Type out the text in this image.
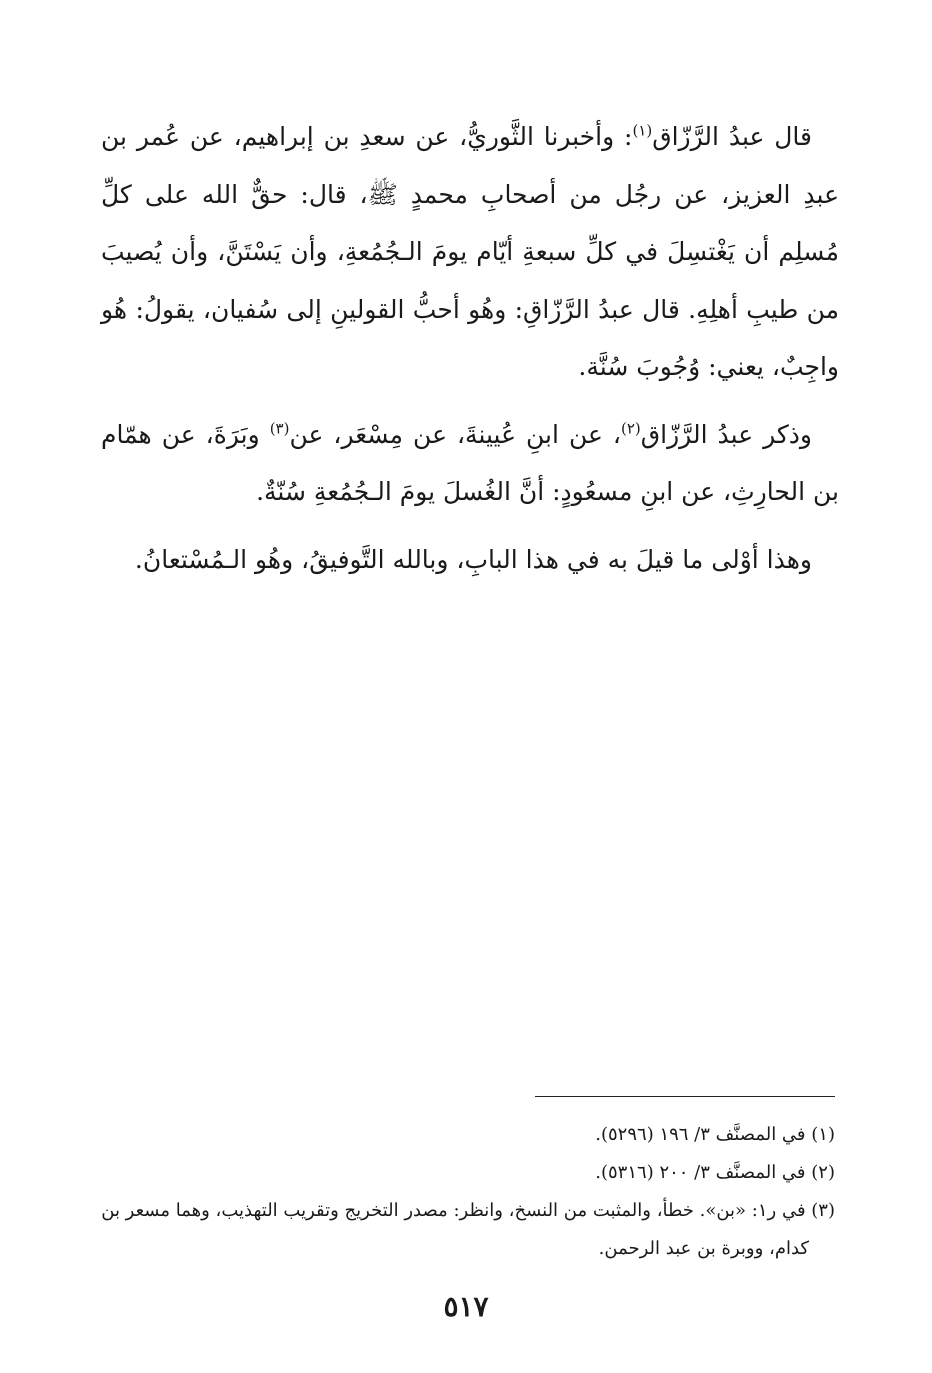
قال عبدُ الرَّزّاق$^{(١)}$: وأخبرنا الثَّوريُّ، عن سعدِ بن إبراهيم، عن عُمر بن عبدِ العزيز، عن رجُل من أصحابِ محمدٍ ﷺ، قال: حقٌّ الله على كلِّ مُسلِم أن يَغْتسِلَ في كلِّ سبعةِ أيّام يومَ الـجُمُعةِ، وأن يَسْتَنَّ، وأن يُصيبَ من طيبِ أهلِهِ. قال عبدُ الرَّزّاقِ: وهُو أحبُّ القولينِ إلى سُفيان، يقولُ: هُو واجِبٌ، يعني: وُجُوبَ سُنَّة.

وذكر عبدُ الرَّزّاق$^{(٢)}$، عن ابنِ عُيينةَ، عن مِسْعَر، عن$^{(٣)}$ وبَرَةَ، عن همّام بن الحارِثِ، عن ابنِ مسعُودٍ: أنَّ الغُسلَ يومَ الـجُمُعةِ سُنّةٌ.

وهذا أوْلى ما قيلَ به في هذا البابِ، وبالله التَّوفيقُ، وهُو الـمُسْتعانُ.

(١) في المصنَّف ٣/ ١٩٦ (٥٢٩٦).

(٢) في المصنَّف ٣/ ٢٠٠ (٥٣١٦).

(٣) في ر١: «بن». خطأ، والمثبت من النسخ، وانظر: مصدر التخريج وتقريب التهذيب، وهما مسعر بن

كدام، ووبرة بن عبد الرحمن.

٥١٧
